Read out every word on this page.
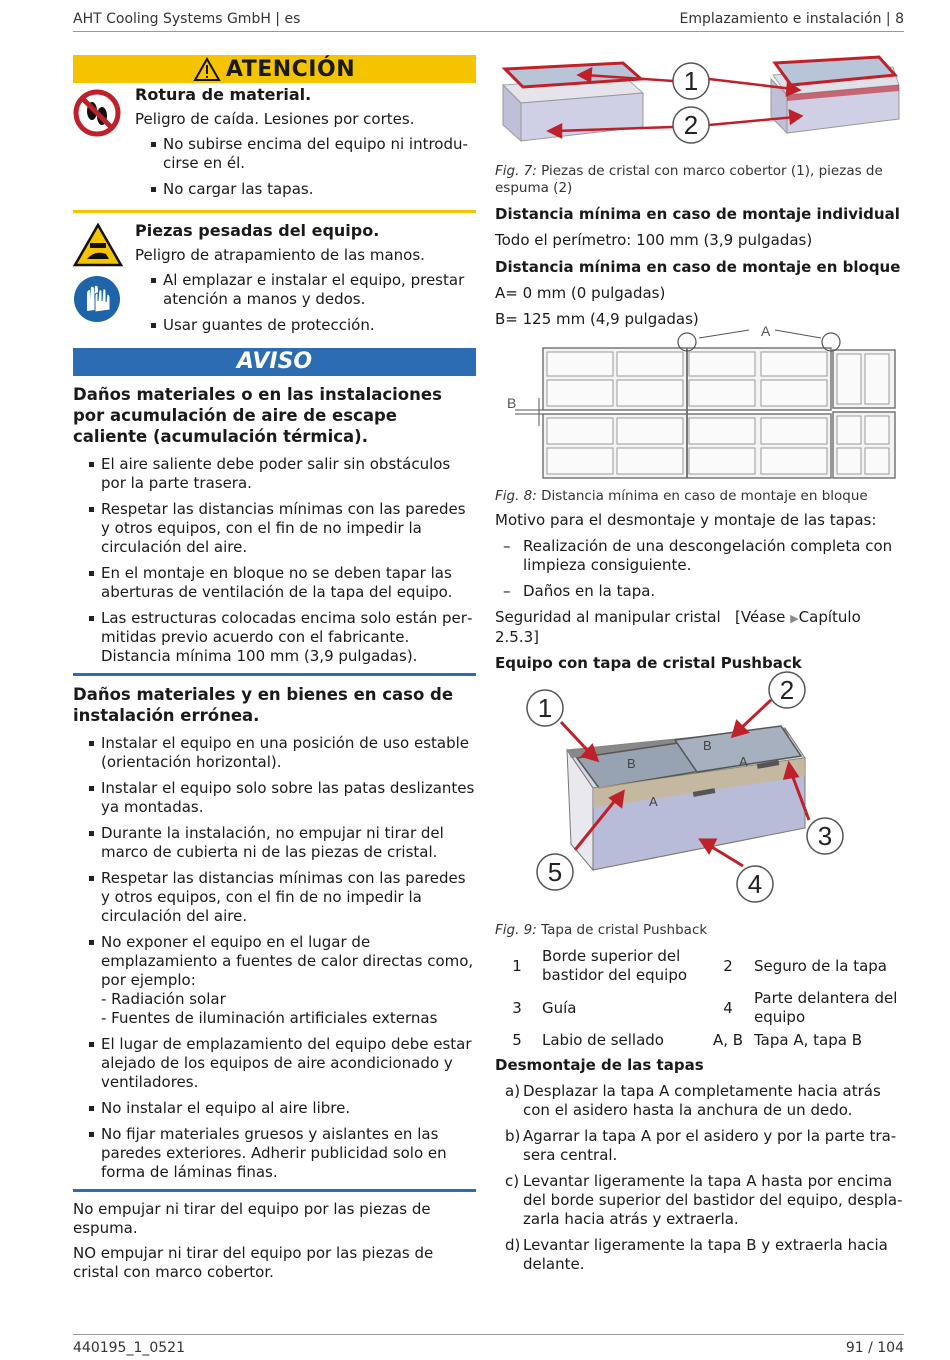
AHT Cooling Systems GmbH | es	Emplazamiento e instalación | 8
ATENCIÓN
Rotura de material.
Peligro de caída. Lesiones por cortes.
No subirse encima del equipo ni introducirse en él.
No cargar las tapas.

Piezas pesadas del equipo.
Peligro de atrapamiento de las manos.
Al emplazar e instalar el equipo, prestar atención a manos y dedos.
Usar guantes de protección.
AVISO
Daños materiales o en las instalaciones por acumulación de aire de escape caliente (acumulación térmica).
El aire saliente debe poder salir sin obstáculos por la parte trasera.
Respetar las distancias mínimas con las paredes y otros equipos, con el fin de no impedir la circulación del aire.
En el montaje en bloque no se deben tapar las aberturas de ventilación de la tapa del equipo.
Las estructuras colocadas encima solo están permitidas previo acuerdo con el fabricante. Distancia mínima 100 mm (3,9 pulgadas).
Daños materiales y en bienes en caso de instalación errónea.
Instalar el equipo en una posición de uso estable (orientación horizontal).
Instalar el equipo solo sobre las patas deslizantes ya montadas.
Durante la instalación, no empujar ni tirar del marco de cubierta ni de las piezas de cristal.
Respetar las distancias mínimas con las paredes y otros equipos, con el fin de no impedir la circulación del aire.
No exponer el equipo en el lugar de emplazamiento a fuentes de calor directas como, por ejemplo:
- Radiación solar
- Fuentes de iluminación artificiales externas
El lugar de emplazamiento del equipo debe estar alejado de los equipos de aire acondicionado y ventiladores.
No instalar el equipo al aire libre.
No fijar materiales gruesos y aislantes en las paredes exteriores. Adherir publicidad solo en forma de láminas finas.
No empujar ni tirar del equipo por las piezas de espuma.
NO empujar ni tirar del equipo por las piezas de cristal con marco cobertor.
1
2
Fig. 7: Piezas de cristal con marco cobertor (1), piezas de espuma (2)
Distancia mínima en caso de montaje individual
Todo el perímetro: 100 mm (3,9 pulgadas)
Distancia mínima en caso de montaje en bloque
A= 0 mm (0 pulgadas)
B= 125 mm (4,9 pulgadas)
A
B
Fig. 8: Distancia mínima en caso de montaje en bloque
Motivo para el desmontaje y montaje de las tapas:
– Realización de una descongelación completa con limpieza consiguiente.
– Daños en la tapa.
Seguridad al manipular cristal [Véase ▶Capítulo 2.5.3]
Equipo con tapa de cristal Pushback
B
B
A
A
1
2
3
4
5
Fig. 9: Tapa de cristal Pushback
1	Borde superior del bastidor del equipo	2	Seguro de la tapa
3	Guía	4	Parte delantera del equipo
5	Labio de sellado	A, B	Tapa A, tapa B
Desmontaje de las tapas
a) Desplazar la tapa A completamente hacia atrás con el asidero hasta la anchura de un dedo.
b) Agarrar la tapa A por el asidero y por la parte trasera central.
c) Levantar ligeramente la tapa A hasta por encima del borde superior del bastidor del equipo, desplazarla hacia atrás y extraerla.
d) Levantar ligeramente la tapa B y extraerla hacia delante.
440195_1_0521	91 / 104
